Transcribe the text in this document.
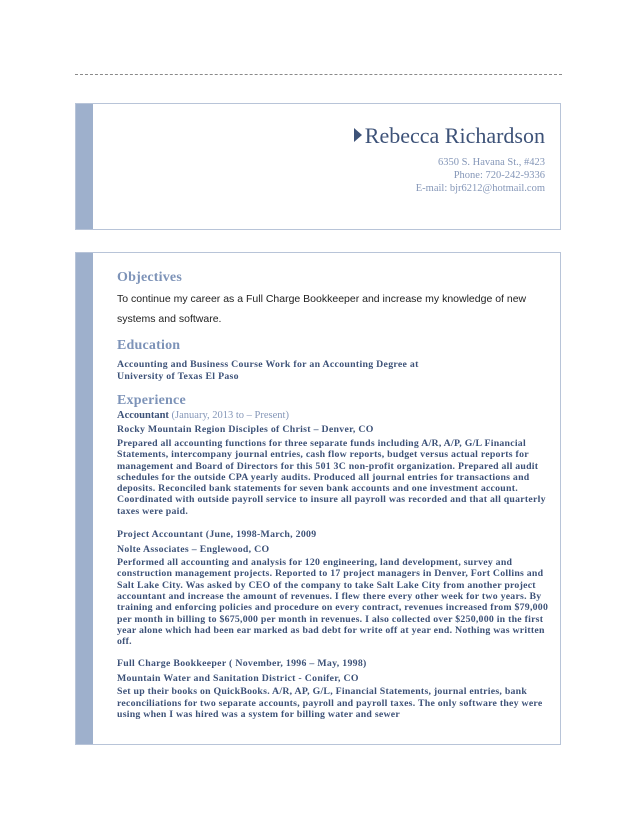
Rebecca Richardson
6350 S. Havana St., #423
Phone: 720-242-9336
E-mail: bjr6212@hotmail.com
Objectives
To continue my career as a Full Charge Bookkeeper and increase my knowledge of new systems and software.
Education
Accounting and Business Course Work for an Accounting Degree at
University of Texas El Paso
Experience
Accountant (January, 2013 to – Present)
Rocky Mountain Region Disciples of Christ – Denver, CO

Prepared all accounting functions for three separate funds including A/R, A/P, G/L Financial Statements, intercompany journal entries, cash flow reports, budget versus actual reports for management and Board of Directors for this 501 3C non-profit organization. Prepared all audit schedules for the outside CPA yearly audits. Produced all journal entries for transactions and deposits. Reconciled bank statements for seven bank accounts and one investment account. Coordinated with outside payroll service to insure all payroll was recorded and that all quarterly taxes were paid.

Project Accountant (June, 1998-March, 2009
Nolte Associates – Englewood, CO

Performed all accounting and analysis for 120 engineering, land development, survey and construction management projects. Reported to 17 project managers in Denver, Fort Collins and Salt Lake City. Was asked by CEO of the company to take Salt Lake City from another project accountant and increase the amount of revenues. I flew there every other week for two years. By training and enforcing policies and procedure on every contract, revenues increased from $79,000 per month in billing to $675,000 per month in revenues. I also collected over $250,000 in the first year alone which had been ear marked as bad debt for write off at year end. Nothing was written off.

Full Charge Bookkeeper ( November, 1996 – May, 1998)
Mountain Water and Sanitation District - Conifer, CO

Set up their books on QuickBooks. A/R, AP, G/L, Financial Statements, journal entries, bank reconciliations for two separate accounts, payroll and payroll taxes. The only software they were using when I was hired was a system for billing water and sewer
